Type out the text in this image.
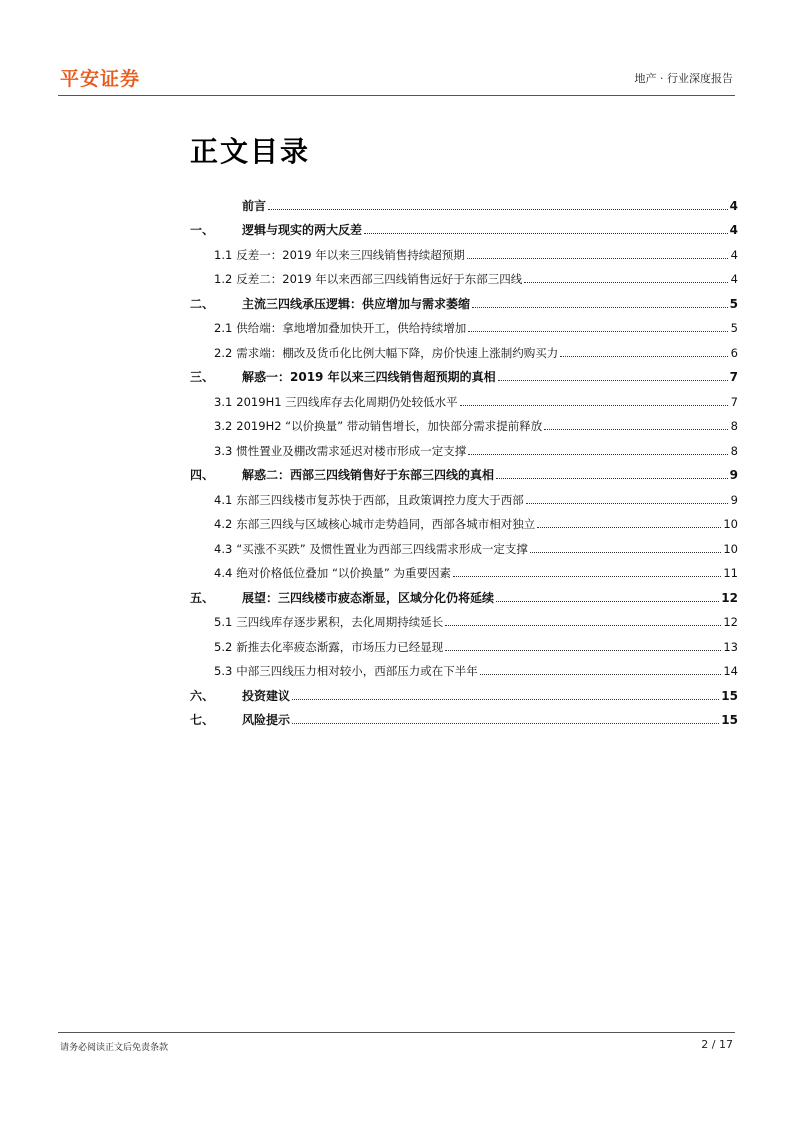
平安证券	地产 · 行业深度报告
正文目录
前言	4
一、	逻辑与现实的两大反差	4
1.1 反差一：2019 年以来三四线销售持续超预期	4
1.2 反差二：2019 年以来西部三四线销售远好于东部三四线	4
二、	主流三四线承压逻辑：供应增加与需求萎缩	5
2.1 供给端：拿地增加叠加快开工，供给持续增加	5
2.2 需求端：棚改及货币化比例大幅下降，房价快速上涨制约购买力	6
三、	解惑一：2019 年以来三四线销售超预期的真相	7
3.1 2019H1 三四线库存去化周期仍处较低水平	7
3.2 2019H2 “以价换量” 带动销售增长，加快部分需求提前释放	8
3.3 惯性置业及棚改需求延迟对楼市形成一定支撑	8
四、	解惑二：西部三四线销售好于东部三四线的真相	9
4.1 东部三四线楼市复苏快于西部，且政策调控力度大于西部	9
4.2 东部三四线与区域核心城市走势趋同，西部各城市相对独立	10
4.3 “买涨不买跌” 及惯性置业为西部三四线需求形成一定支撑	10
4.4 绝对价格低位叠加 “以价换量” 为重要因素	11
五、	展望：三四线楼市疲态渐显，区域分化仍将延续	12
5.1 三四线库存逐步累积，去化周期持续延长	12
5.2 新推去化率疲态渐露，市场压力已经显现	13
5.3 中部三四线压力相对较小，西部压力或在下半年	14
六、	投资建议	15
七、	风险提示	15
请务必阅读正文后免责条款	2 / 17
